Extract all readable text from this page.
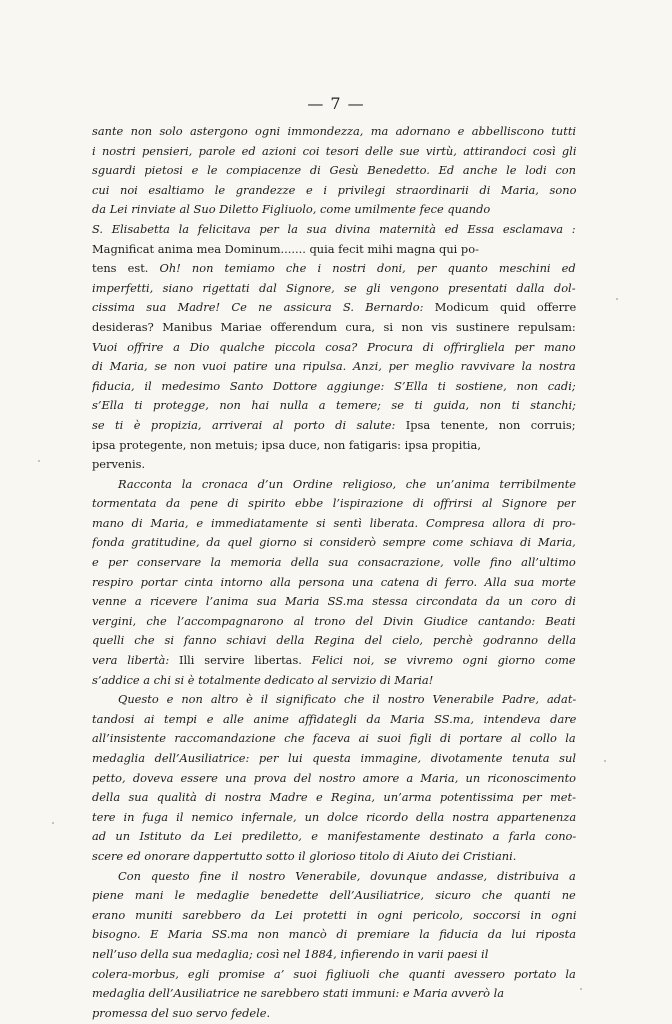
— 7 —
sante non solo astergono ogni immondezza, ma adornano e abbelliscono tutti
i nostri pensieri, parole ed azioni coi tesori delle sue virtù, attirandoci così gli
sguardi pietosi e le compiacenze di Gesù Benedetto. Ed anche le lodi con
cui noi esaltiamo le grandezze e i privilegi straordinarii di Maria, sono
da Lei rinviate al Suo Diletto Figliuolo, come umilmente fece quando
S. Elisabetta la felicitava per la sua divina maternità ed Essa esclamava :
Magnificat anima mea Dominum....... quia fecit mihi magna qui po-
tens est. Oh! non temiamo che i nostri doni, per quanto meschini ed
imperfetti, siano rigettati dal Signore, se gli vengono presentati dalla dol-
cissima sua Madre! Ce ne assicura S. Bernardo: Modicum quid offerre
desideras? Manibus Mariae offerendum cura, si non vis sustinere repulsam:
Vuoi offrire a Dio qualche piccola cosa? Procura di offrirgliela per mano
di Maria, se non vuoi patire una ripulsa. Anzi, per meglio ravvivare la nostra
fiducia, il medesimo Santo Dottore aggiunge: S’Ella ti sostiene, non cadi;
s’Ella ti protegge, non hai nulla a temere; se ti guida, non ti stanchi;
se ti è propizia, arriverai al porto di salute: Ipsa tenente, non corruis;
ipsa protegente, non metuis; ipsa duce, non fatigaris: ipsa propitia,
pervenis.
Racconta la cronaca d’un Ordine religioso, che un’anima terribilmente
tormentata da pene di spirito ebbe l’ispirazione di offrirsi al Signore per
mano di Maria, e immediatamente si sentì liberata. Compresa allora di pro-
fonda gratitudine, da quel giorno si considerò sempre come schiava di Maria,
e per conservare la memoria della sua consacrazione, volle fino all’ultimo
respiro portar cinta intorno alla persona una catena di ferro. Alla sua morte
venne a ricevere l’anima sua Maria SS.ma stessa circondata da un coro di
vergini, che l’accompagnarono al trono del Divin Giudice cantando: Beati
quelli che si fanno schiavi della Regina del cielo, perchè godranno della
vera libertà: Illi servire libertas. Felici noi, se vivremo ogni giorno come
s’addice a chi si è totalmente dedicato al servizio di Maria!
Questo e non altro è il significato che il nostro Venerabile Padre, adat-
tandosi ai tempi e alle anime affidategli da Maria SS.ma, intendeva dare
all’insistente raccomandazione che faceva ai suoi figli di portare al collo la
medaglia dell’Ausiliatrice: per lui questa immagine, divotamente tenuta sul
petto, doveva essere una prova del nostro amore a Maria, un riconoscimento
della sua qualità di nostra Madre e Regina, un’arma potentissima per met-
tere in fuga il nemico infernale, un dolce ricordo della nostra appartenenza
ad un Istituto da Lei prediletto, e manifestamente destinato a farla cono-
scere ed onorare dappertutto sotto il glorioso titolo di Aiuto dei Cristiani.
Con questo fine il nostro Venerabile, dovunque andasse, distribuiva a
piene mani le medaglie benedette dell’Ausiliatrice, sicuro che quanti ne
erano muniti sarebbero da Lei protetti in ogni pericolo, soccorsi in ogni
bisogno. E Maria SS.ma non mancò di premiare la fiducia da lui riposta
nell’uso della sua medaglia; così nel 1884, infierendo in varii paesi il
colera-morbus, egli promise a’ suoi figliuoli che quanti avessero portato la
medaglia dell’Ausiliatrice ne sarebbero stati immuni: e Maria avverò la
promessa del suo servo fedele.
